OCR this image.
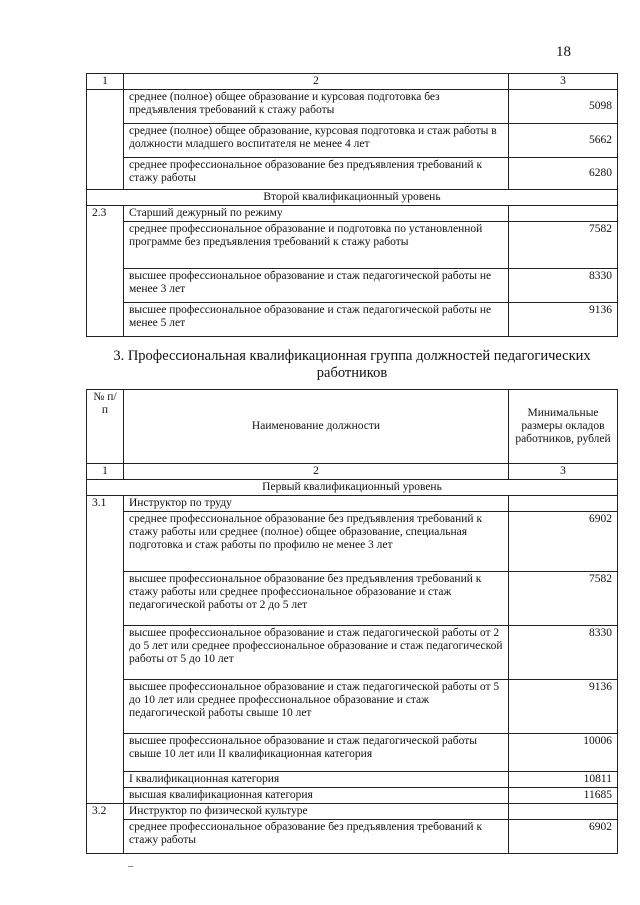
18
1	2	3
	среднее (полное) общее образование и курсовая подготовка без предъявления требований к стажу работы	5098
	среднее (полное) общее образование, курсовая подготовка и стаж работы в должности младшего воспитателя не менее 4 лет	5662
	среднее профессиональное образование без предъявления требований к стажу работы	6280
Второй квалификационный уровень		
2.3	Старший дежурный по режиму	
	среднее профессиональное образование и подготовка по установленной программе без предъявления требований к стажу работы	7582
	высшее профессиональное образование и стаж педагогической работы не менее 3 лет	8330
	высшее профессиональное образование и стаж педагогической работы не менее 5 лет	9136
3. Профессиональная квалификационная группа должностей педагогических работников
№ п/п	Наименование должности	Минимальные размеры окладов работников, рублей
1	2	3
Первый квалификационный уровень		
3.1	Инструктор по труду	
	среднее профессиональное образование без предъявления требований к стажу работы или среднее (полное) общее образование, специальная подготовка и стаж работы по профилю не менее 3 лет	6902
	высшее профессиональное образование без предъявления требований к стажу работы или среднее профессиональное образование и стаж педагогической работы от 2 до 5 лет	7582
	высшее профессиональное образование и стаж педагогической работы от 2 до 5 лет или среднее профессиональное образование и стаж педагогической работы от 5 до 10 лет	8330
	высшее профессиональное образование и стаж педагогической работы от 5 до 10 лет или среднее профессиональное образование и стаж педагогической работы свыше 10 лет	9136
	высшее профессиональное образование и стаж педагогической работы свыше 10 лет или II квалификационная категория	10006
	I квалификационная категория	10811
	высшая квалификационная категория	11685
3.2	Инструктор по физической культуре	
	среднее профессиональное образование без предъявления требований к стажу работы	6902
